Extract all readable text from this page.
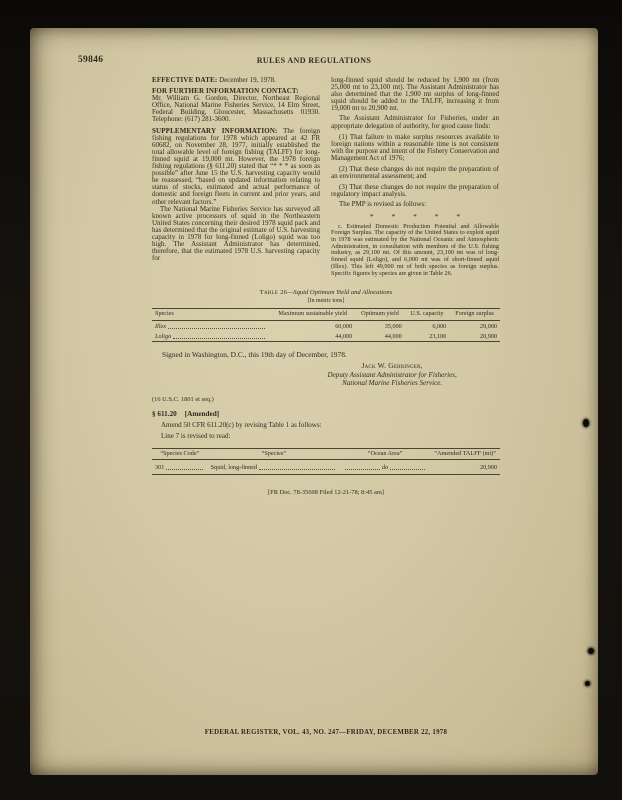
59846	RULES AND REGULATIONS

EFFECTIVE DATE: December 19, 1978.

FOR FURTHER INFORMATION CONTACT:

Mr. William G. Gordon, Director, Northeast Regional Office, National Marine Fisheries Service, 14 Elm Street, Federal Building, Gloucester, Massachusetts 01930. Telephone: (617) 281-3600.

SUPPLEMENTARY INFORMATION: The foreign fishing regulations for 1978 which appeared at 42 FR 60682, on November 28, 1977, initially established the total allowable level of foreign fishing (TALFF) for long-finned squid at 19,000 mt. However, the 1978 foreign fishing regulations (§ 611.20) stated that “* * * as soon as possible” after June 15 the U.S. harvesting capacity would be reassessed, “based on updated information relating to status of stocks, estimated and actual performance of domestic and foreign fleets in current and prior years, and other relevant factors.”

The National Marine Fisheries Service has surveyed all known active processors of squid in the Northeastern United States concerning their desired 1978 squid pack and has determined that the original estimate of U.S. harvesting capacity in 1978 for long-finned (Loligo) squid was too high. The Assistant Administrator has determined, therefore, that the estimated 1978 U.S. harvesting capacity for

long-finned squid should be reduced by 1,900 mt (from 25,000 mt to 23,100 mt). The Assistant Administrator has also determined that the 1,900 mt surplus of long-finned squid should be added to the TALFF, increasing it from 19,000 mt to 20,900 mt.

The Assistant Administrator for Fisheries, under an appropriate delegation of authority, for good cause finds:

(1) That failure to make surplus resources available to foreign nations within a reasonable time is not consistent with the purpose and intent of the Fishery Conservation and Management Act of 1976;

(2) That these changes do not require the preparation of an environmental assessment; and

(3) That these changes do not require the preparation of regulatory impact analysis.

The PMP is revised as follows:

* * * * *

c. Estimated Domestic Production Potential and Allowable Foreign Surplus. The capacity of the United States to exploit squid in 1978 was estimated by the National Oceanic and Atmospheric Administration, in consultation with members of the U.S. fishing industry, as 29,100 mt. Of this amount, 23,100 mt was of long-finned squid (Loligo), and 6,000 mt was of short-finned squid (Illex). This left 49,900 mt of both species as foreign surplus. Specific figures by species are given in Table 26.

Table 26—Squid Optimum Yield and Allocations
[In metric tons]
Species	Maximum sustainable yield	Optimum yield	U.S. capacity	Foreign surplus

Illex	60,000	35,000	6,000	29,000

Loligo	44,000	44,000	23,100	20,900

Signed in Washington, D.C., this 19th day of December, 1978.

Jack W. Gehringer,
Deputy Assistant Administrator for Fisheries,
National Marine Fisheries Service.

(16 U.S.C. 1801 et seq.)

§ 611.20 [Amended]

Amend 50 CFR 611.20(c) by revising Table 1 as follows:

Line 7 is revised to read:

“Species Code”	“Species”	“Ocean Area”	“Amended TALFF (mt)”

301	Squid, long-finned	do	20,900

[FR Doc. 78-35698 Filed 12-21-78; 8:45 am]

FEDERAL REGISTER, VOL. 43, NO. 247—FRIDAY, DECEMBER 22, 1978
